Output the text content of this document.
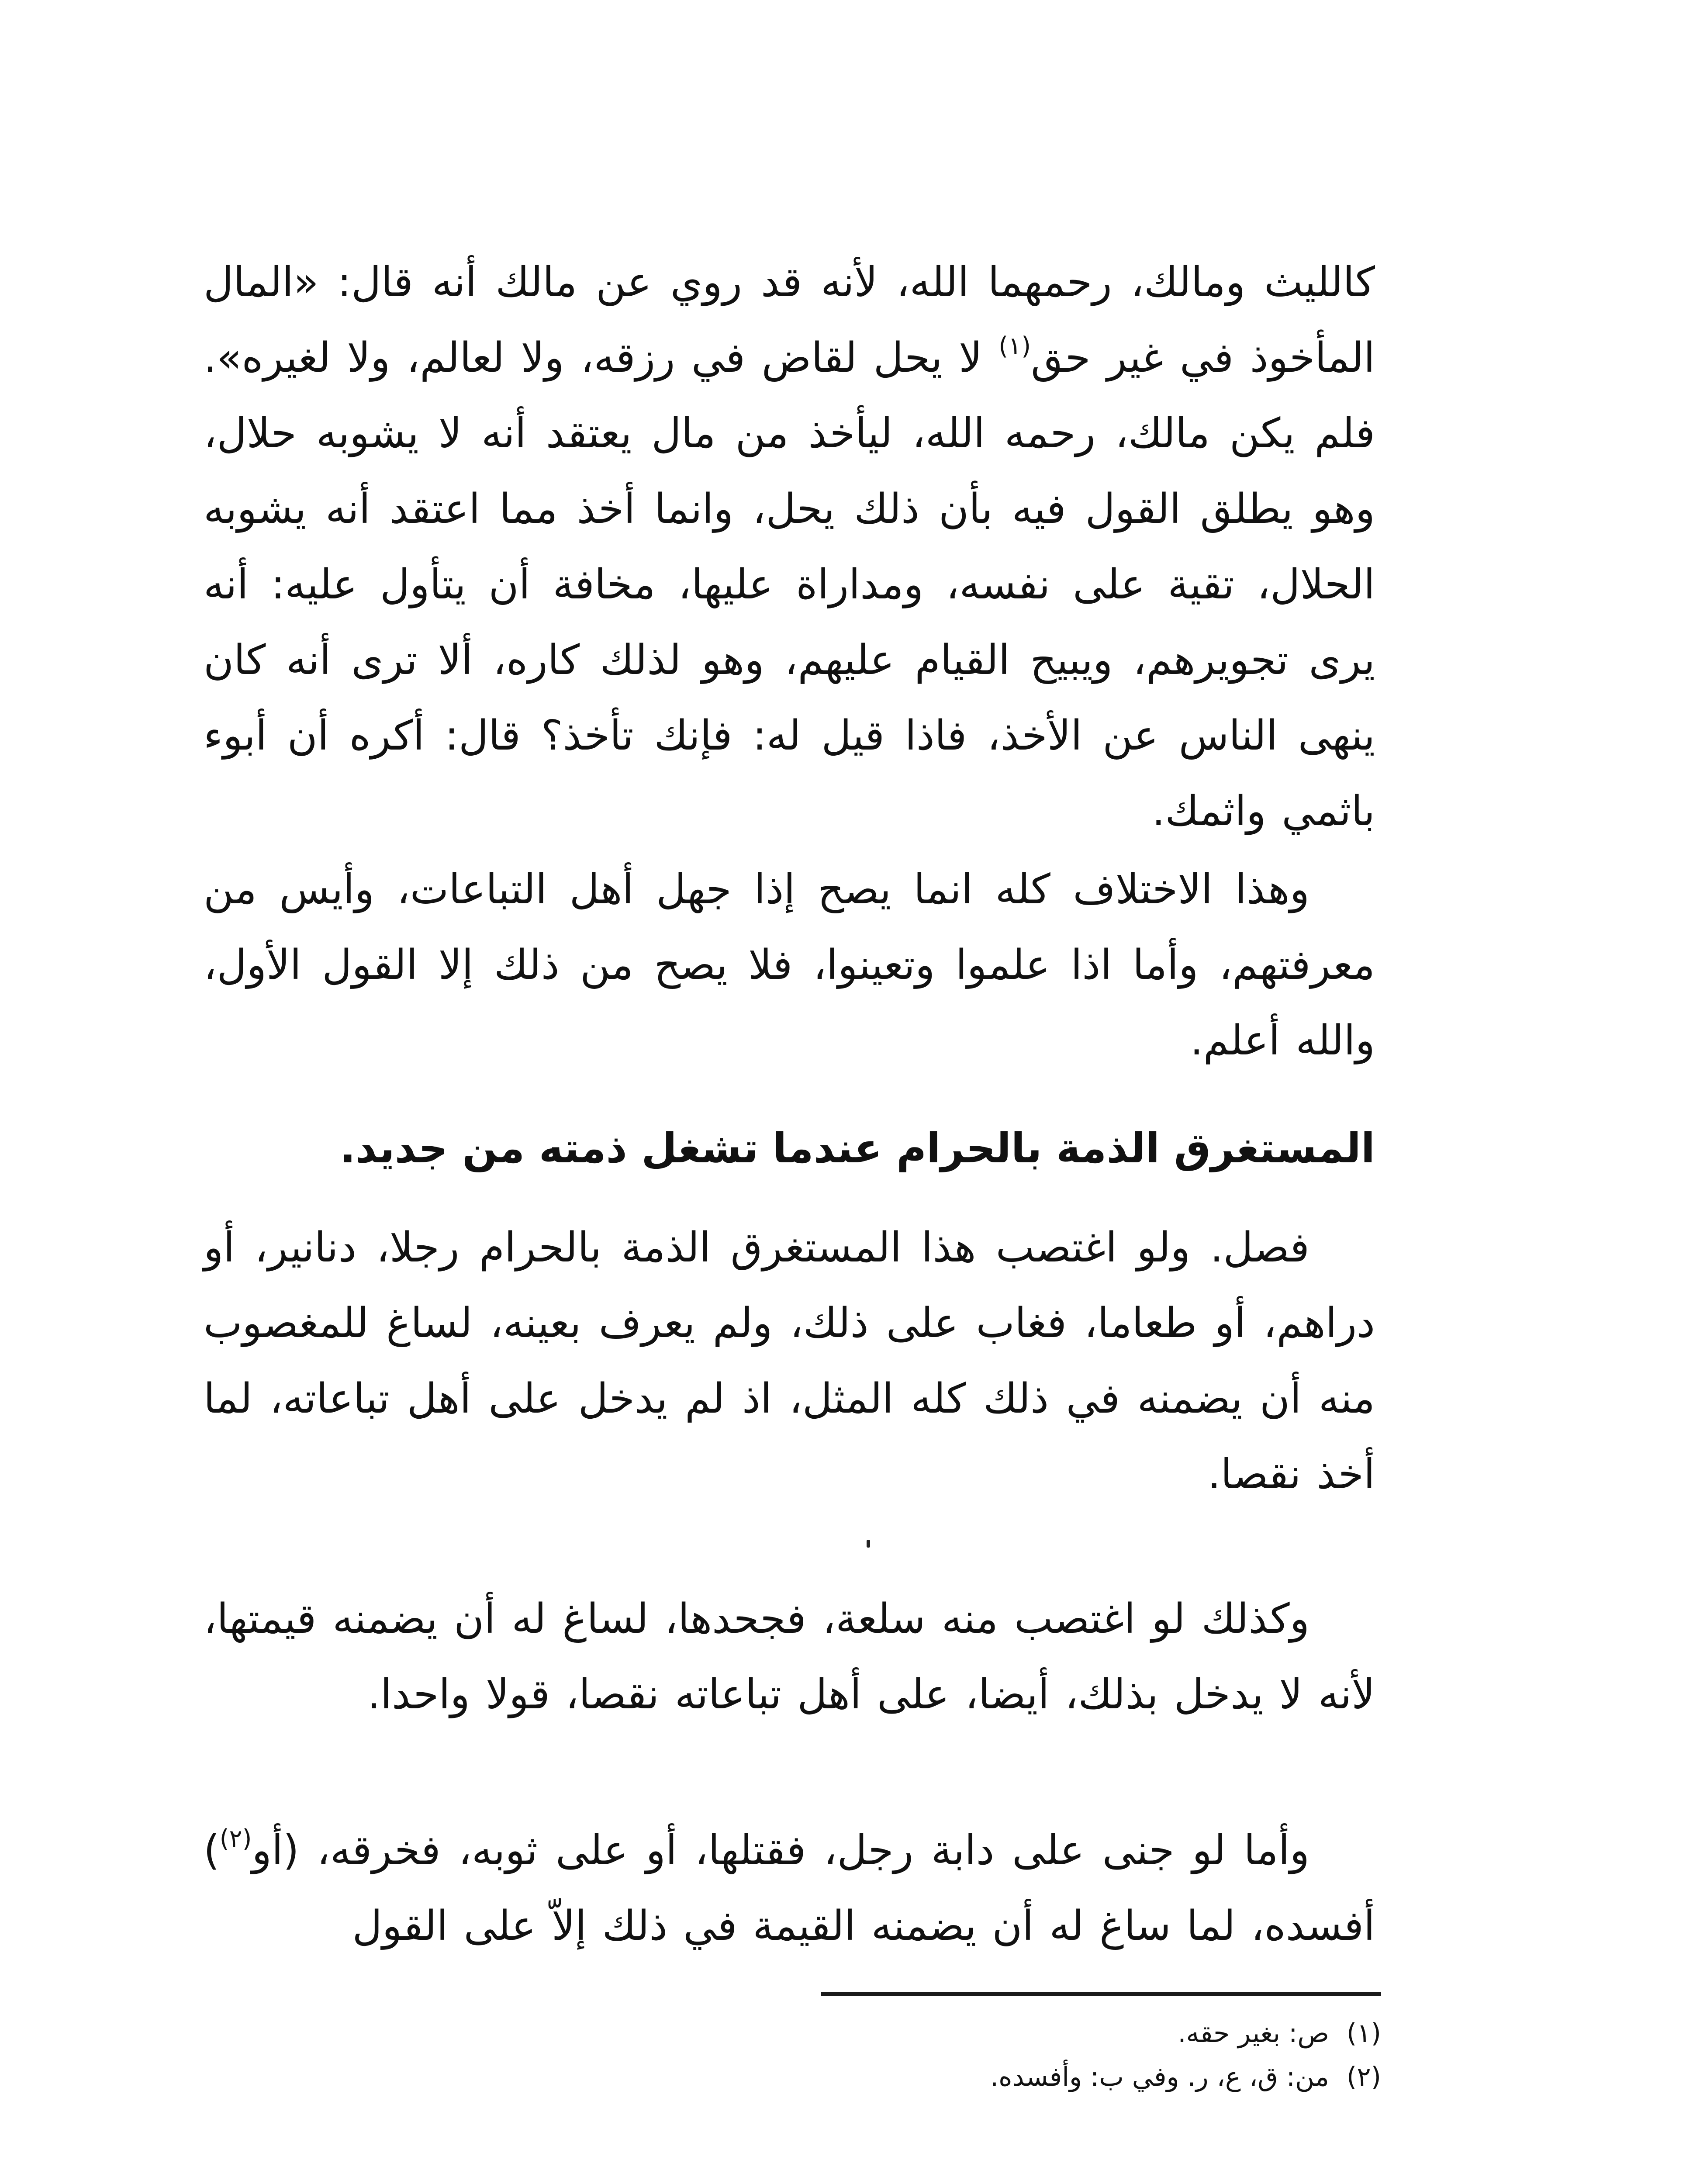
كالليث ومالك، رحمهما الله، لأنه قد روي عن مالك أنه قال: «المال المأخوذ في غير حق$^{(١)}$ لا يحل لقاض في رزقه، ولا لعالم، ولا لغيره». فلم يكن مالك، رحمه الله، ليأخذ من مال يعتقد أنه لا يشوبه حلال، وهو يطلق القول فيه بأن ذلك يحل، وانما أخذ مما اعتقد أنه يشوبه الحلال، تقية على نفسه، ومداراة عليها، مخافة أن يتأول عليه: أنه يرى تجويرهم، ويبيح القيام عليهم، وهو لذلك كاره، ألا ترى أنه كان ينهى الناس عن الأخذ، فاذا قيل له: فإنك تأخذ؟ قال: أكره أن أبوء باثمي واثمك.

وهذا الاختلاف كله انما يصح إذا جهل أهل التباعات، وأيس من معرفتهم، وأما اذا علموا وتعينوا، فلا يصح من ذلك إلا القول الأول، والله أعلم.

المستغرق الذمة بالحرام عندما تشغل ذمته من جديد.

فصل. ولو اغتصب هذا المستغرق الذمة بالحرام رجلا، دنانير، أو دراهم، أو طعاما، فغاب على ذلك، ولم يعرف بعينه، لساغ للمغصوب منه أن يضمنه في ذلك كله المثل، اذ لم يدخل على أهل تباعاته، لما أخذ نقصا.

وكذلك لو اغتصب منه سلعة، فجحدها، لساغ له أن يضمنه قيمتها، لأنه لا يدخل بذلك، أيضا، على أهل تباعاته نقصا، قولا واحدا.

وأما لو جنى على دابة رجل، فقتلها، أو على ثوبه، فخرقه، (أو$^{(٢)}$) أفسده، لما ساغ له أن يضمنه القيمة في ذلك إلاّ على القول

(١)ص: بغير حقه.

(٢)من: ق، ع، ر. وفي ب: وأفسده.
